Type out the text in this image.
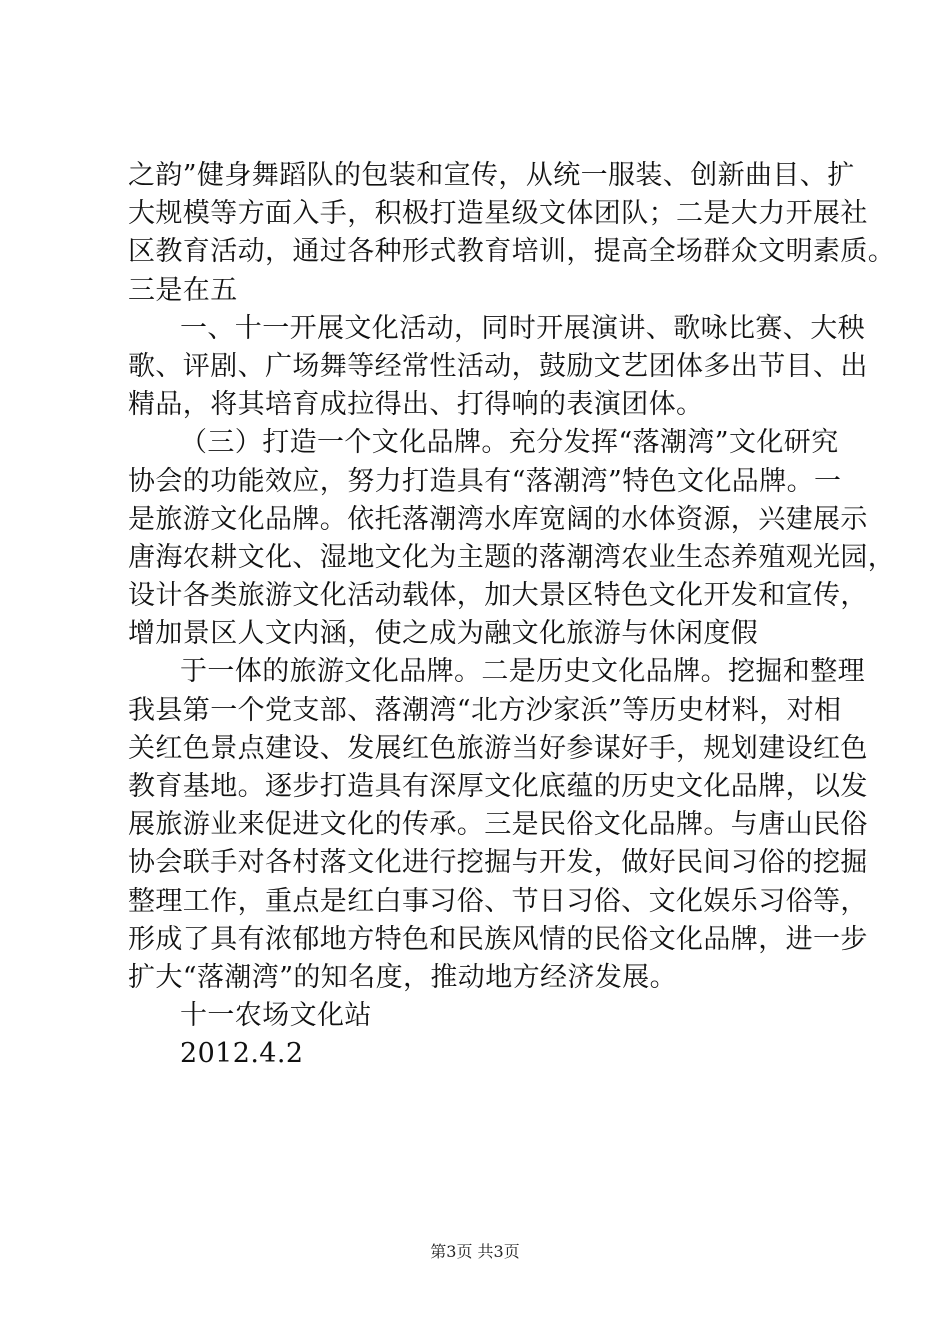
之韵”健身舞蹈队的包装和宣传，从统一服装、创新曲目、扩
大规模等方面入手，积极打造星级文体团队；二是大力开展社
区教育活动，通过各种形式教育培训，提高全场群众文明素质。
三是在五
一、十一开展文化活动，同时开展演讲、歌咏比赛、大秧
歌、评剧、广场舞等经常性活动，鼓励文艺团体多出节目、出
精品，将其培育成拉得出、打得响的表演团体。
（三）打造一个文化品牌。充分发挥“落潮湾”文化研究
协会的功能效应，努力打造具有“落潮湾”特色文化品牌。一
是旅游文化品牌。依托落潮湾水库宽阔的水体资源，兴建展示
唐海农耕文化、湿地文化为主题的落潮湾农业生态养殖观光园，
设计各类旅游文化活动载体，加大景区特色文化开发和宣传，
增加景区人文内涵，使之成为融文化旅游与休闲度假
于一体的旅游文化品牌。二是历史文化品牌。挖掘和整理
我县第一个党支部、落潮湾“北方沙家浜”等历史材料，对相
关红色景点建设、发展红色旅游当好参谋好手，规划建设红色
教育基地。逐步打造具有深厚文化底蕴的历史文化品牌，以发
展旅游业来促进文化的传承。三是民俗文化品牌。与唐山民俗
协会联手对各村落文化进行挖掘与开发，做好民间习俗的挖掘
整理工作，重点是红白事习俗、节日习俗、文化娱乐习俗等，
形成了具有浓郁地方特色和民族风情的民俗文化品牌，进一步
扩大“落潮湾”的知名度，推动地方经济发展。
十一农场文化站
2012.4.2
第3页 共3页
